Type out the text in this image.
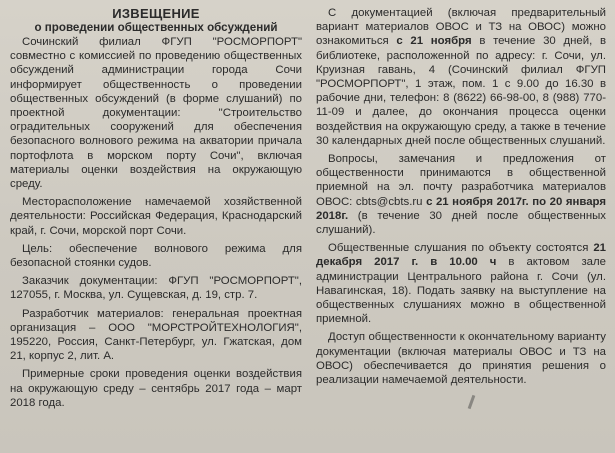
ИЗВЕЩЕНИЕ
о проведении общественных обсуждений

Сочинский филиал ФГУП "РОСМОРПОРТ" совместно с комиссией по проведению общественных обсуждений администрации города Сочи информирует общественность о проведении общественных обсуждений (в форме слушаний) по проектной документации: "Строительство оградительных сооружений для обеспечения безопасного волнового режима на акватории причала портофлота в морском порту Сочи", включая материалы оценки воздействия на окружающую среду.

Месторасположение намечаемой хозяйственной деятельности: Российская Федерация, Краснодарский край, г. Сочи, морской порт Сочи.

Цель: обеспечение волнового режима для безопасной стоянки судов.

Заказчик документации: ФГУП "РОСМОРПОРТ", 127055, г. Москва, ул. Сущевская, д. 19, стр. 7.

Разработчик материалов: генеральная проектная организация – ООО "МОРСТРОЙТЕХНОЛОГИЯ", 195220, Россия, Санкт-Петербург, ул. Гжатская, дом 21, корпус 2, лит. А.

Примерные сроки проведения оценки воздействия на окружающую среду – сентябрь 2017 года – март 2018 года.

С документацией (включая предварительный вариант материалов ОВОС и ТЗ на ОВОС) можно ознакомиться с 21 ноября в течение 30 дней, в библиотеке, расположенной по адресу: г. Сочи, ул. Круизная гавань, 4 (Сочинский филиал ФГУП "РОСМОРПОРТ", 1 этаж, пом. 1 с 9.00 до 16.30 в рабочие дни, телефон: 8 (8622) 66-98-00, 8 (988) 770-11-09 и далее, до окончания процесса оценки воздействия на окружающую среду, а также в течение 30 календарных дней после общественных слушаний.

Вопросы, замечания и предложения от общественности принимаются в общественной приемной на эл. почту разработчика материалов ОВОС: cbts@cbts.ru с 21 ноября 2017г. по 20 января 2018г. (в течение 30 дней после общественных слушаний).

Общественные слушания по объекту состоятся 21 декабря 2017 г. в 10.00 ч в актовом зале администрации Центрального района г. Сочи (ул. Навагинская, 18). Подать заявку на выступление на общественных слушаниях можно в общественной приемной.

Доступ общественности к окончательному варианту документации (включая материалы ОВОС и ТЗ на ОВОС) обеспечивается до принятия решения о реализации намечаемой деятельности.
